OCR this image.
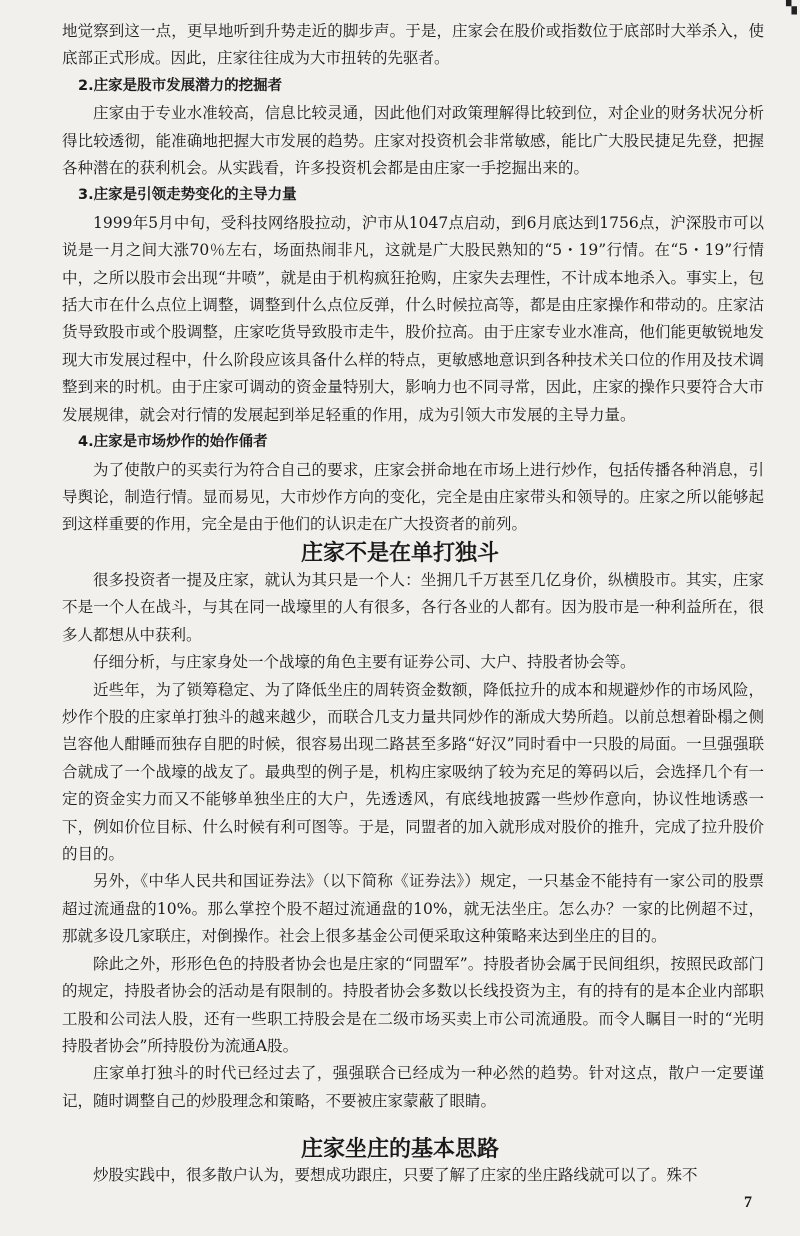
▚

地觉察到这一点，更早地听到升势走近的脚步声。于是，庄家会在股价或指数位于底部时大举杀入，使底部正式形成。因此，庄家往往成为大市扭转的先驱者。

2.庄家是股市发展潜力的挖掘者

庄家由于专业水准较高，信息比较灵通，因此他们对政策理解得比较到位，对企业的财务状况分析得比较透彻，能准确地把握大市发展的趋势。庄家对投资机会非常敏感，能比广大股民捷足先登，把握各种潜在的获利机会。从实践看，许多投资机会都是由庄家一手挖掘出来的。

3.庄家是引领走势变化的主导力量

1999年5月中旬，受科技网络股拉动，沪市从1047点启动，到6月底达到1756点，沪深股市可以说是一月之间大涨70％左右，场面热闹非凡，这就是广大股民熟知的“5・19”行情。在“5・19”行情中，之所以股市会出现“井喷”，就是由于机构疯狂抢购，庄家失去理性，不计成本地杀入。事实上，包括大市在什么点位上调整，调整到什么点位反弹，什么时候拉高等，都是由庄家操作和带动的。庄家沽货导致股市或个股调整，庄家吃货导致股市走牛，股价拉高。由于庄家专业水准高，他们能更敏锐地发现大市发展过程中，什么阶段应该具备什么样的特点，更敏感地意识到各种技术关口位的作用及技术调整到来的时机。由于庄家可调动的资金量特别大，影响力也不同寻常，因此，庄家的操作只要符合大市发展规律，就会对行情的发展起到举足轻重的作用，成为引领大市发展的主导力量。

4.庄家是市场炒作的始作俑者

为了使散户的买卖行为符合自己的要求，庄家会拼命地在市场上进行炒作，包括传播各种消息，引导舆论，制造行情。显而易见，大市炒作方向的变化，完全是由庄家带头和领导的。庄家之所以能够起到这样重要的作用，完全是由于他们的认识走在广大投资者的前列。

庄家不是在单打独斗

很多投资者一提及庄家，就认为其只是一个人：坐拥几千万甚至几亿身价，纵横股市。其实，庄家不是一个人在战斗，与其在同一战壕里的人有很多，各行各业的人都有。因为股市是一种利益所在，很多人都想从中获利。

仔细分析，与庄家身处一个战壕的角色主要有证券公司、大户、持股者协会等。

近些年，为了锁筹稳定、为了降低坐庄的周转资金数额，降低拉升的成本和规避炒作的市场风险，炒作个股的庄家单打独斗的越来越少，而联合几支力量共同炒作的渐成大势所趋。以前总想着卧榻之侧岂容他人酣睡而独存自肥的时候，很容易出现二路甚至多路“好汉”同时看中一只股的局面。一旦强强联合就成了一个战壕的战友了。最典型的例子是，机构庄家吸纳了较为充足的筹码以后，会选择几个有一定的资金实力而又不能够单独坐庄的大户，先透透风，有底线地披露一些炒作意向，协议性地诱惑一下，例如价位目标、什么时候有利可图等。于是，同盟者的加入就形成对股价的推升，完成了拉升股价的目的。

另外，《中华人民共和国证券法》（以下简称《证券法》）规定，一只基金不能持有一家公司的股票超过流通盘的10%。那么掌控个股不超过流通盘的10%，就无法坐庄。怎么办？一家的比例超不过，那就多设几家联庄，对倒操作。社会上很多基金公司便采取这种策略来达到坐庄的目的。

除此之外，形形色色的持股者协会也是庄家的“同盟军”。持股者协会属于民间组织，按照民政部门的规定，持股者协会的活动是有限制的。持股者协会多数以长线投资为主，有的持有的是本企业内部职工股和公司法人股，还有一些职工持股会是在二级市场买卖上市公司流通股。而令人瞩目一时的“光明持股者协会”所持股份为流通A股。

庄家单打独斗的时代已经过去了，强强联合已经成为一种必然的趋势。针对这点，散户一定要谨记，随时调整自己的炒股理念和策略，不要被庄家蒙蔽了眼睛。

庄家坐庄的基本思路

炒股实践中，很多散户认为，要想成功跟庄，只要了解了庄家的坐庄路线就可以了。殊不

7
